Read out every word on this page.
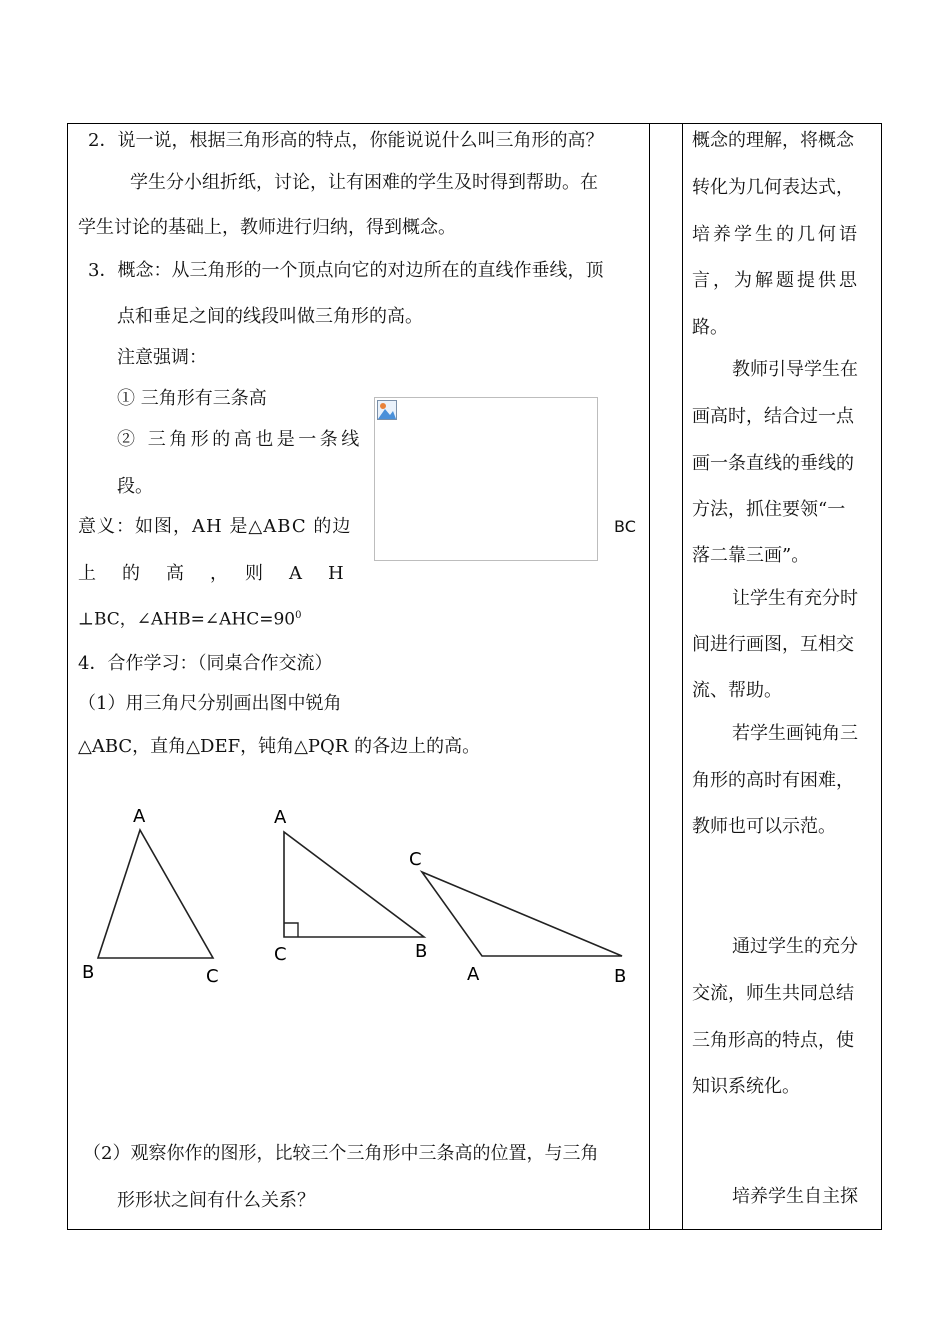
2．说一说，根据三角形高的特点，你能说说什么叫三角形的高？
学生分小组折纸，讨论，让有困难的学生及时得到帮助。在
学生讨论的基础上，教师进行归纳，得到概念。
3．概念：从三角形的一个顶点向它的对边所在的直线作垂线，顶
点和垂足之间的线段叫做三角形的高。
注意强调：
① 三角形有三条高
② 三角形的高也是一条线
段。
意义：如图，AH 是△ABC 的边	BC
上　的　高　，　则　A　H
⊥BC，$\angle AHB=\angle AHC=90^0$
4．合作学习：（同桌合作交流）
（1）用三角尺分别画出图中锐角
△ABC，直角△DEF，钝角△PQR 的各边上的高。
A
B	C
A
C	B
C
A	B
（2）观察你作的图形，比较三个三角形中三条高的位置，与三角
形形状之间有什么关系？
概念的理解，将概念
转化为几何表达式，
培养学生的几何语
言，为解题提供思
路。
教师引导学生在
画高时，结合过一点
画一条直线的垂线的
方法，抓住要领“一
落二靠三画”。
让学生有充分时
间进行画图，互相交
流、帮助。
若学生画钝角三
角形的高时有困难，
教师也可以示范。
通过学生的充分
交流，师生共同总结
三角形高的特点，使
知识系统化。
培养学生自主探
